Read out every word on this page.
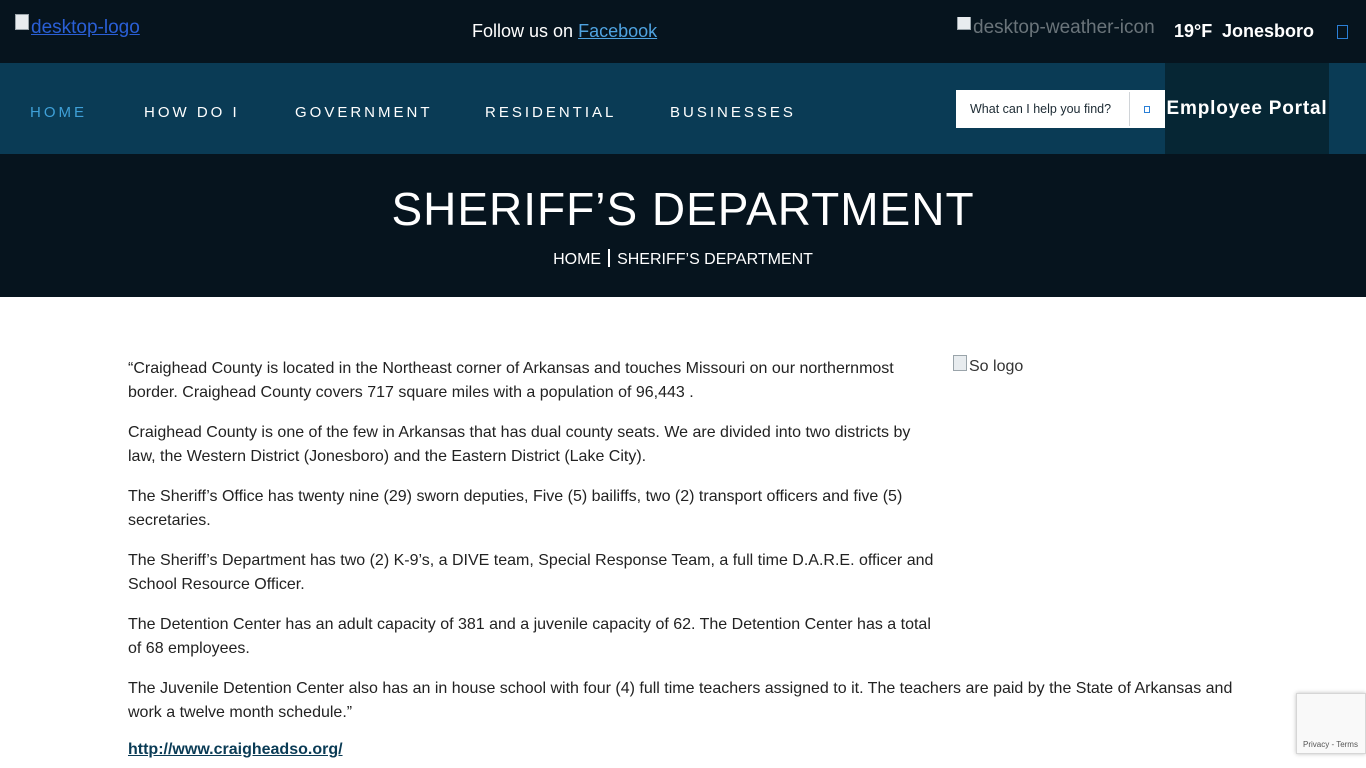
desktop-logo	Follow us on Facebook	desktop-weather-icon 19°F Jonesboro
HOME	HOW DO I	GOVERNMENT	RESIDENTIAL	BUSINESSES
What can I help you find?	Employee Portal
SHERIFF’S DEPARTMENT
HOME SHERIFF’S DEPARTMENT

“Craighead County is located in the Northeast corner of Arkansas and touches Missouri on our northernmost border. Craighead County covers 717 square miles with a population of 96,443 .

Craighead County is one of the few in Arkansas that has dual county seats. We are divided into two districts by law, the Western District (Jonesboro) and the Eastern District (Lake City).

The Sheriff’s Office has twenty nine (29) sworn deputies, Five (5) bailiffs, two (2) transport officers and five (5) secretaries.

The Sheriff’s Department has two (2) K-9’s, a DIVE team, Special Response Team, a full time D.A.R.E. officer and School Resource Officer.

The Detention Center has an adult capacity of 381 and a juvenile capacity of 62. The Detention Center has a total of 68 employees.

The Juvenile Detention Center also has an in house school with four (4) full time teachers assigned to it. The teachers are paid by the State of Arkansas and work a twelve month schedule.”

http://www.craigheadso.org/
So logo
Privacy - Terms
